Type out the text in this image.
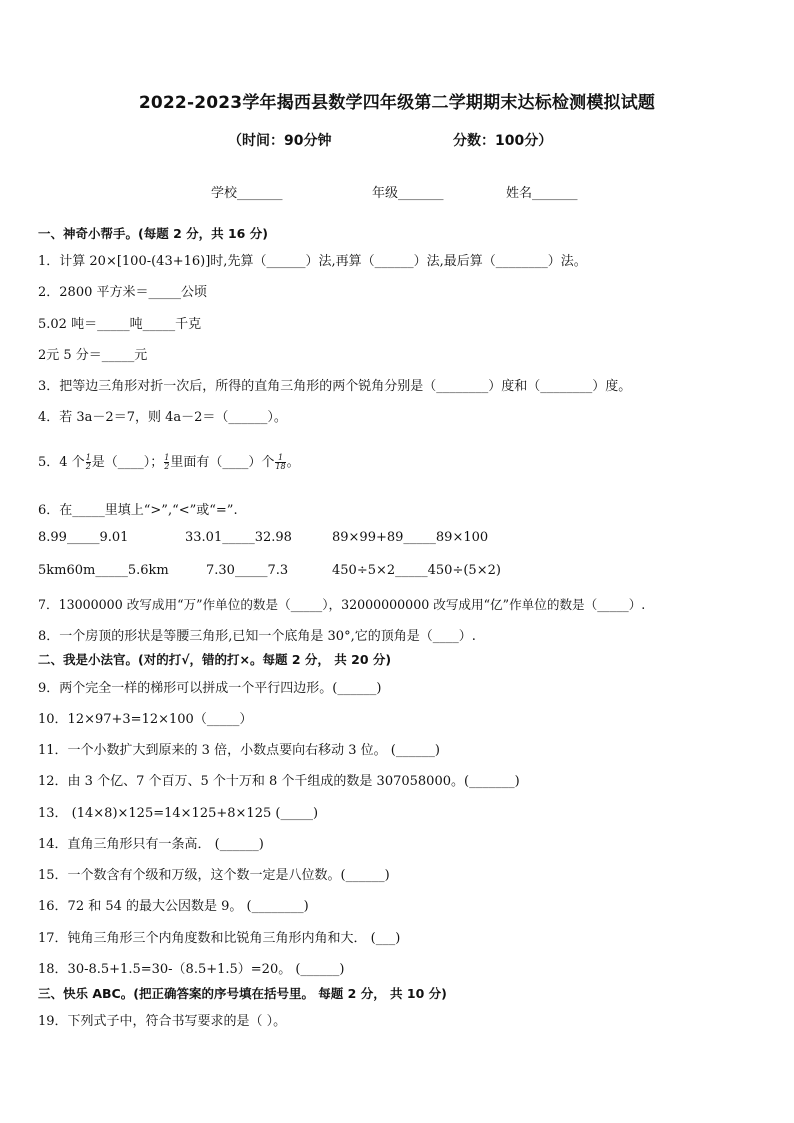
2022-2023学年揭西县数学四年级第二学期期末达标检测模拟试题
（时间：90分钟	分数：100分）
学校_______	年级_______	姓名_______
一、神奇小帮手。(每题 2 分，共 16 分)
1．计算 20×[100-(43+16)]时,先算（______）法,再算（______）法,最后算（________）法。
2．2800 平方米＝_____公顷
5.02 吨＝_____吨_____千克
2元 5 分＝_____元
3．把等边三角形对折一次后，所得的直角三角形的两个锐角分别是（________）度和（________）度。
4．若 3a－2＝7，则 4a－2＝（______）。
5．4 个 $\frac{1}{2}$ 是（____）； $\frac{1}{2}$ 里面有（____）个 $\frac{1}{18}$ 。
6．在_____里填上“>”,“<”或“=”.
8.99_____9.01	33.01_____32.98	89×99+89_____89×100
5km60m_____5.6km	7.30_____7.3	450÷5×2_____450÷(5×2)
7．13000000 改写成用“万”作单位的数是（_____），32000000000 改写成用“亿”作单位的数是（_____）.
8．一个房顶的形状是等腰三角形,已知一个底角是 30°,它的顶角是（____）.
二、我是小法官。(对的打√，错的打×。每题 2 分， 共 20 分)
9．两个完全一样的梯形可以拼成一个平行四边形。(______)
10．12×97+3=12×100（_____）
11．一个小数扩大到原来的 3 倍，小数点要向右移动 3 位。 (______)
12．由 3 个亿、7 个百万、5 个十万和 8 个千组成的数是 307058000。(_______)
13． (14×8)×125=14×125+8×125 (_____)
14．直角三角形只有一条高． (______)
15．一个数含有个级和万级，这个数一定是八位数。(______)
16．72 和 54 的最大公因数是 9。 (________)
17．钝角三角形三个内角度数和比锐角三角形内角和大． (___)
18．30-8.5+1.5=30-（8.5+1.5）=20。 (______)
三、快乐 ABC。(把正确答案的序号填在括号里。 每题 2 分， 共 10 分)
19．下列式子中，符合书写要求的是（ ）。
